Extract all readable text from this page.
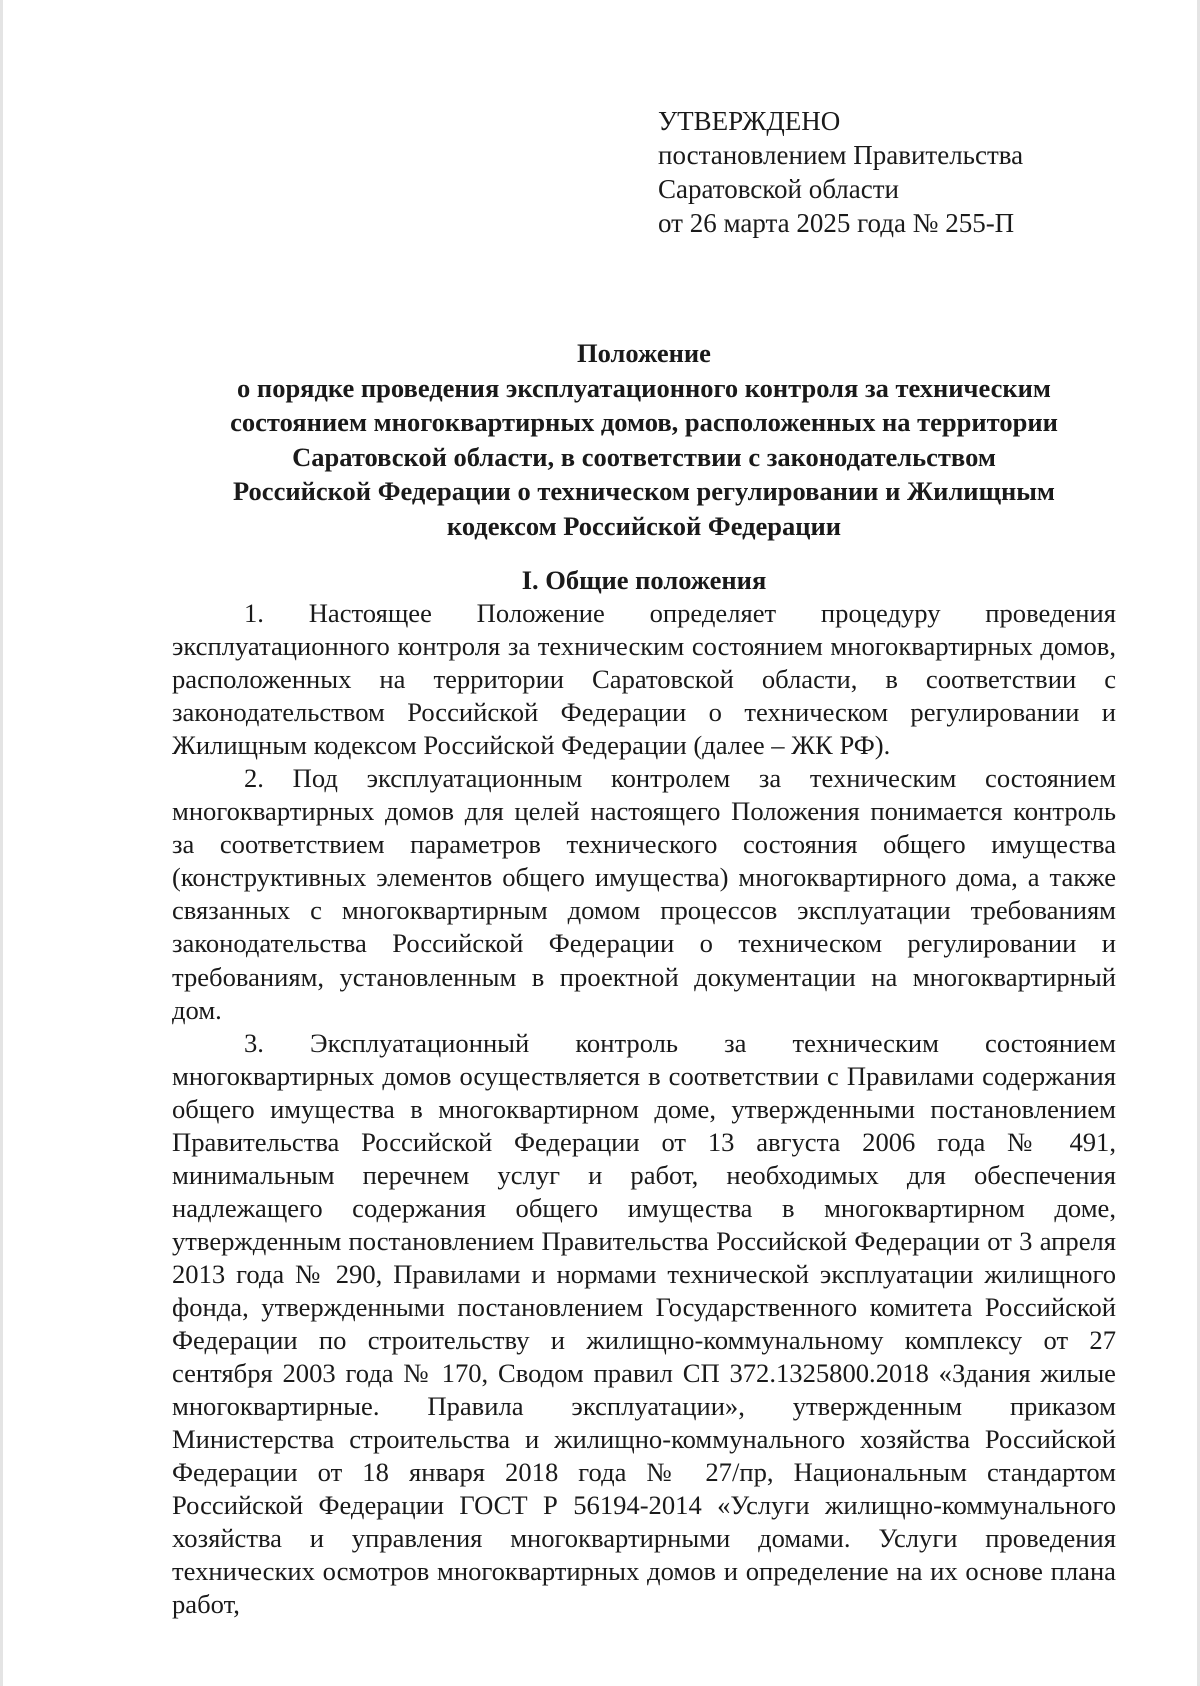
УТВЕРЖДЕНО
постановлением Правительства
Саратовской области
от 26 марта 2025 года № 255-П
Положение
о порядке проведения эксплуатационного контроля за техническим
состоянием многоквартирных домов, расположенных на территории
Саратовской области, в соответствии с законодательством
Российской Федерации о техническом регулировании и Жилищным
кодексом Российской Федерации
I. Общие положения

1. Настоящее Положение определяет процедуру проведения эксплуатационного контроля за техническим состоянием многоквартирных домов, расположенных на территории Саратовской области, в соответствии с законодательством Российской Федерации о техническом регулировании и Жилищным кодексом Российской Федерации (далее – ЖК РФ).

2. Под эксплуатационным контролем за техническим состоянием многоквартирных домов для целей настоящего Положения понимается контроль за соответствием параметров технического состояния общего имущества (конструктивных элементов общего имущества) многоквартирного дома, а также связанных с многоквартирным домом процессов эксплуатации требованиям законодательства Российской Федерации о техническом регулировании и требованиям, установленным в проектной документации на многоквартирный дом.

3. Эксплуатационный контроль за техническим состоянием многоквартирных домов осуществляется в соответствии с Правилами содержания общего имущества в многоквартирном доме, утвержденными постановлением Правительства Российской Федерации от 13 августа 2006 года № 491, минимальным перечнем услуг и работ, необходимых для обеспечения надлежащего содержания общего имущества в многоквартирном доме, утвержденным постановлением Правительства Российской Федерации от 3 апреля 2013 года № 290, Правилами и нормами технической эксплуатации жилищного фонда, утвержденными постановлением Государственного комитета Российской Федерации по строительству и жилищно-коммунальному комплексу от 27 сентября 2003 года № 170, Сводом правил СП 372.1325800.2018 «Здания жилые многоквартирные. Правила эксплуатации», утвержденным приказом Министерства строительства и жилищно-коммунального хозяйства Российской Федерации от 18 января 2018 года № 27/пр, Национальным стандартом Российской Федерации ГОСТ Р 56194-2014 «Услуги жилищно-коммунального хозяйства и управления многоквартирными домами. Услуги проведения технических осмотров многоквартирных домов и определение на их основе плана работ,
